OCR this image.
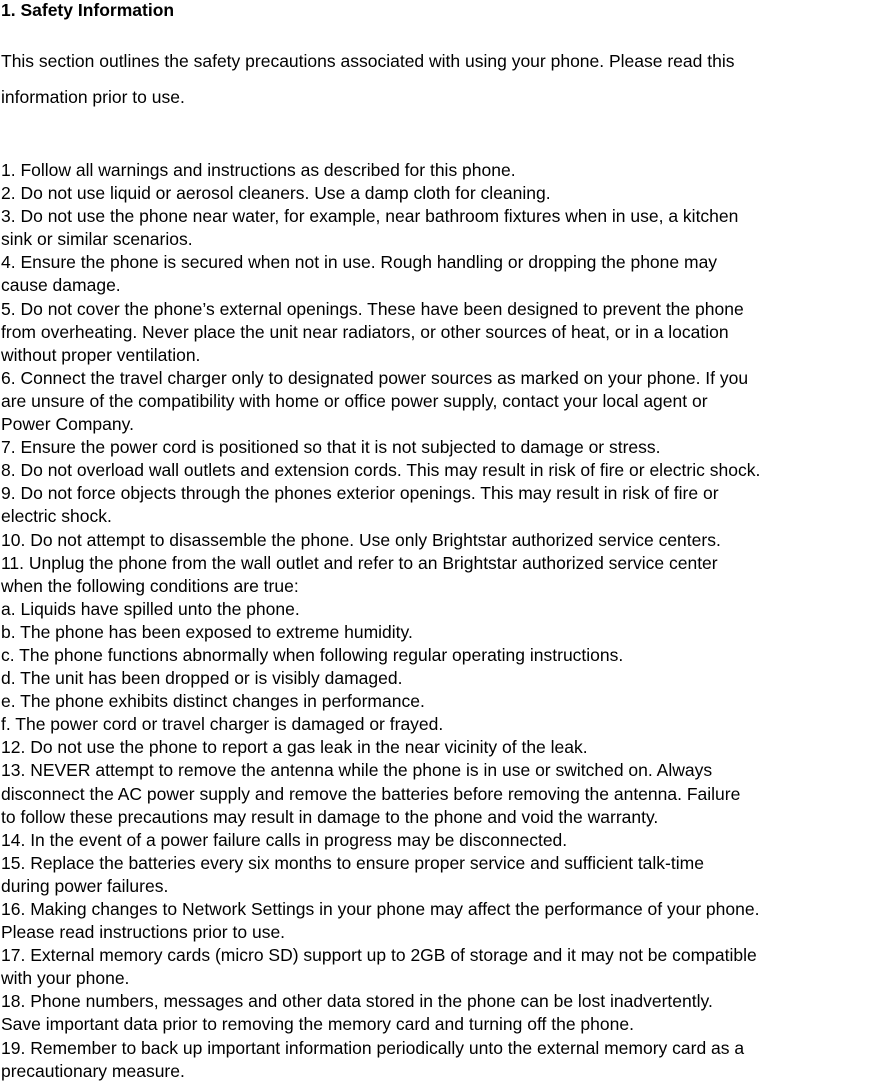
1. Safety Information

This section outlines the safety precautions associated with using your phone. Please read this

information prior to use.

1. Follow all warnings and instructions as described for this phone.
2. Do not use liquid or aerosol cleaners. Use a damp cloth for cleaning.
3. Do not use the phone near water, for example, near bathroom fixtures when in use, a kitchen
sink or similar scenarios.
4. Ensure the phone is secured when not in use. Rough handling or dropping the phone may
cause damage.
5. Do not cover the phone’s external openings. These have been designed to prevent the phone
from overheating. Never place the unit near radiators, or other sources of heat, or in a location
without proper ventilation.
6. Connect the travel charger only to designated power sources as marked on your phone. If you
are unsure of the compatibility with home or office power supply, contact your local agent or
Power Company.
7. Ensure the power cord is positioned so that it is not subjected to damage or stress.
8. Do not overload wall outlets and extension cords. This may result in risk of fire or electric shock.
9. Do not force objects through the phones exterior openings. This may result in risk of fire or
electric shock.
10. Do not attempt to disassemble the phone. Use only Brightstar authorized service centers.
11. Unplug the phone from the wall outlet and refer to an Brightstar authorized service center
when the following conditions are true:
a. Liquids have spilled unto the phone.
b. The phone has been exposed to extreme humidity.
c. The phone functions abnormally when following regular operating instructions.
d. The unit has been dropped or is visibly damaged.
e. The phone exhibits distinct changes in performance.
f. The power cord or travel charger is damaged or frayed.
12. Do not use the phone to report a gas leak in the near vicinity of the leak.
13. NEVER attempt to remove the antenna while the phone is in use or switched on. Always
disconnect the AC power supply and remove the batteries before removing the antenna. Failure
to follow these precautions may result in damage to the phone and void the warranty.
14. In the event of a power failure calls in progress may be disconnected.
15. Replace the batteries every six months to ensure proper service and sufficient talk-time
during power failures.
16. Making changes to Network Settings in your phone may affect the performance of your phone.
Please read instructions prior to use.
17. External memory cards (micro SD) support up to 2GB of storage and it may not be compatible
with your phone.
18. Phone numbers, messages and other data stored in the phone can be lost inadvertently.
Save important data prior to removing the memory card and turning off the phone.
19. Remember to back up important information periodically unto the external memory card as a
precautionary measure.
